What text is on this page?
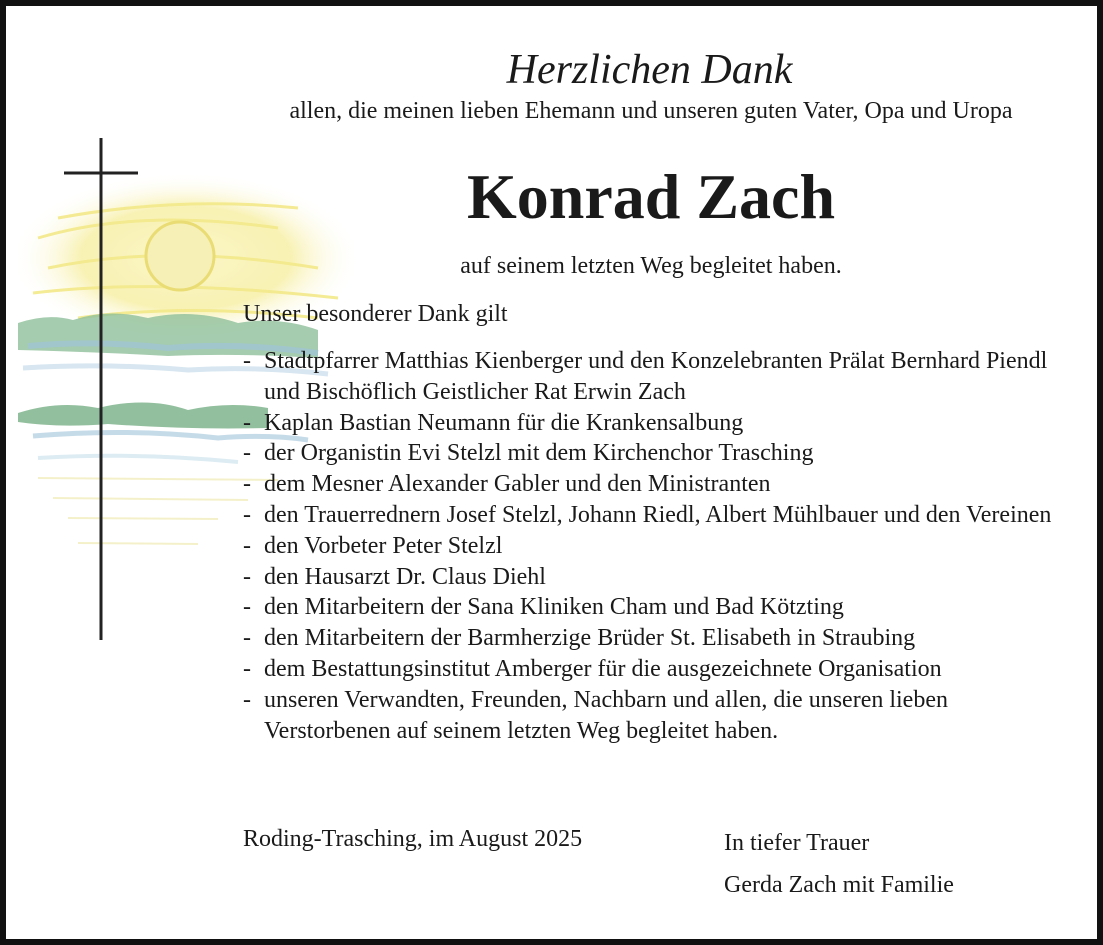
Herzlichen Dank
allen, die meinen lieben Ehemann und unseren guten Vater, Opa und Uropa
Konrad Zach
auf seinem letzten Weg begleitet haben.
Unser besonderer Dank gilt
- Stadtpfarrer Matthias Kienberger und den Konzelebranten Prälat Bernhard Piendl und Bischöflich Geistlicher Rat Erwin Zach
- Kaplan Bastian Neumann für die Krankensalbung
- der Organistin Evi Stelzl mit dem Kirchenchor Trasching
- dem Mesner Alexander Gabler und den Ministranten
- den Trauerrednern Josef Stelzl, Johann Riedl, Albert Mühlbauer und den Vereinen
- den Vorbeter Peter Stelzl
- den Hausarzt Dr. Claus Diehl
- den Mitarbeitern der Sana Kliniken Cham und Bad Kötzting
- den Mitarbeitern der Barmherzige Brüder St. Elisabeth in Straubing
- dem Bestattungsinstitut Amberger für die ausgezeichnete Organisation
- unseren Verwandten, Freunden, Nachbarn und allen, die unseren lieben Verstorbenen auf seinem letzten Weg begleitet haben.
Roding-Trasching, im August 2025	In tiefer Trauer
Gerda Zach mit Familie
